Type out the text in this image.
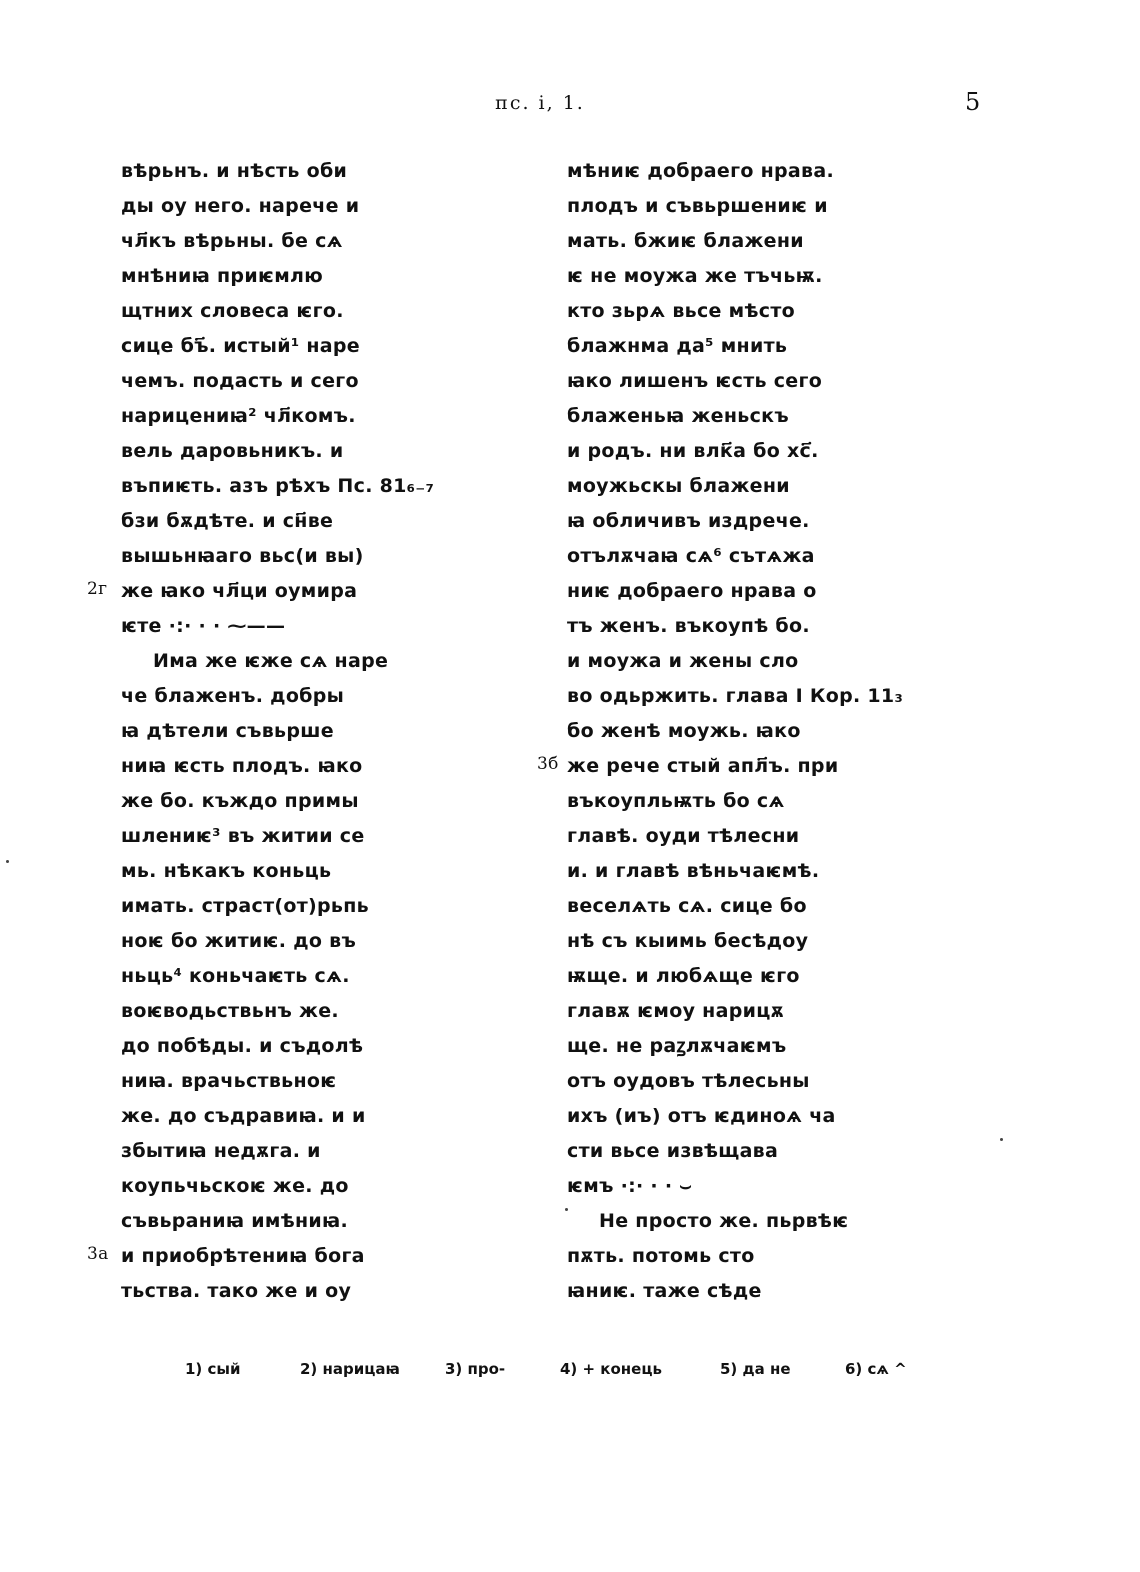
пс. і, 1.	5
вѣрьнъ. и нѣсть оби
ды оу него. нарече и
чл҃къ вѣрьны. бе сѧ
мнѣниꙗ приѥмлю
щтних словеса ѥго.
сице бъ҃. истый¹ наре
чемъ. подасть и сего
нарицениꙗ² чл҃комъ.
вель даровьникъ. и
въпиѥть. азъ рѣхъ Пс. 81₆₋₇
бзи бѫдѣте. и сн҃ве
вышьнꙗаго вьс(и вы)
2г же ꙗко чл҃ци оумира
ѥте ·:· · · ⁓——
Има же ѥже сѧ наре
че блаженъ. добры
ꙗ дѣтели съвьрше
ниꙗ ѥсть плодъ. ꙗко
же бо. къждо примы
шлениѥ³ въ житии се
мь. нѣкакъ коньць
имать. страст(от)рьпь
ноѥ бо житиѥ. до въ
ньць⁴ коньчаѥть сѧ.
воѥводьствьнъ же.
до побѣды. и съдолѣ
ниꙗ. врачьствьноѥ
же. до съдравиꙗ. и и
збытиꙗ недѫга. и
коупьчьскоѥ же. до
съвьраниꙗ имѣниꙗ.
3а и приобрѣтениꙗ бога
тьства. тако же и оу
мѣниѥ добраего нрава.
плодъ и съвьршениѥ и
мать. бжиѥ блажени
ѥ не моужа же тъчьѭ.
кто зьрѧ вьсе мѣсто
блажнма да⁵ мнить
ꙗко лишенъ ѥсть сего
блаженьꙗ женьскъ
и родъ. ни влк҃а бо хс҃.
моужьскы блажени
ꙗ обличивъ издрече.
отълѫчаꙗ сѧ⁶ сътѧжа
ниѥ добраего нрава о
тъ женъ. въкоупѣ бо.
и моужа и жены сло
во одьржить. глава I Кор. 11₃
бо женѣ моужь. ꙗко
3б же рече стый апл҃ъ. при
въкоупльѭть бо сѧ
главѣ. оуди тѣлесни
и. и главѣ вѣньчаѥмѣ.
веселѧть сѧ. сице бо
нѣ съ кыимь бесѣдоу
ѭще. и любѧще ѥго
главѫ ѥмоу нарицѫ
ще. не раꙁлѫчаѥмъ
отъ оудовъ тѣлесьны
ихъ (иъ) отъ ѥдиноѧ ча
сти вьсе извѣщава
ѥмъ ·:· · · ⌣
Не просто же. пьрвѣѥ
пѫть. потомь сто
ꙗниѥ. таже сѣде
1) сый	2) нарицаꙗ	3) про-	4) + конець	5) да не	6) сѧ ^
